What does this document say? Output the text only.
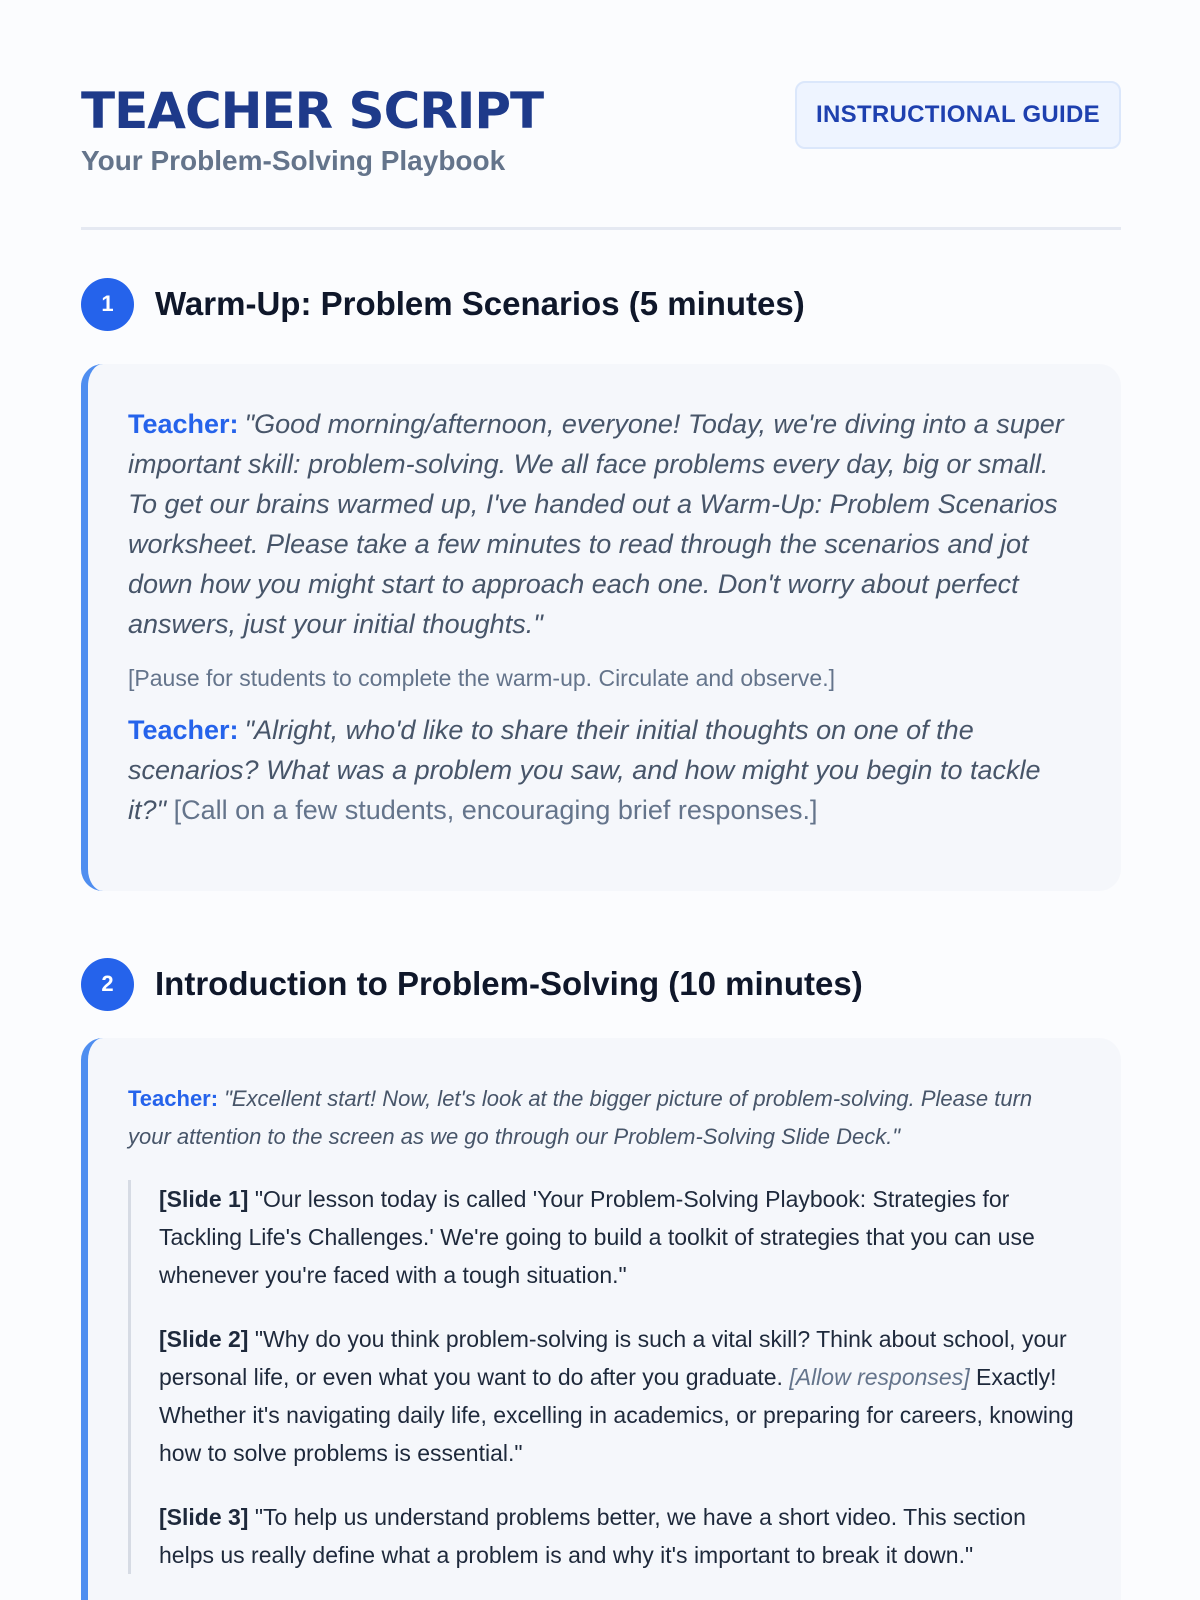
TEACHER SCRIPT
Your Problem-Solving Playbook
INSTRUCTIONAL GUIDE
1	Warm-Up: Problem Scenarios (5 minutes)

Teacher: "Good morning/afternoon, everyone! Today, we're diving into a super important skill: problem-solving. We all face problems every day, big or small. To get our brains warmed up, I've handed out a Warm-Up: Problem Scenarios worksheet. Please take a few minutes to read through the scenarios and jot down how you might start to approach each one. Don't worry about perfect answers, just your initial thoughts."

[Pause for students to complete the warm-up. Circulate and observe.]

Teacher: "Alright, who'd like to share their initial thoughts on one of the scenarios? What was a problem you saw, and how might you begin to tackle it?" [Call on a few students, encouraging brief responses.]

2	Introduction to Problem-Solving (10 minutes)

Teacher: "Excellent start! Now, let's look at the bigger picture of problem-solving. Please turn your attention to the screen as we go through our Problem-Solving Slide Deck."

[Slide 1] "Our lesson today is called 'Your Problem-Solving Playbook: Strategies for Tackling Life's Challenges.' We're going to build a toolkit of strategies that you can use whenever you're faced with a tough situation."

[Slide 2] "Why do you think problem-solving is such a vital skill? Think about school, your personal life, or even what you want to do after you graduate. [Allow responses] Exactly! Whether it's navigating daily life, excelling in academics, or preparing for careers, knowing how to solve problems is essential."

[Slide 3] "To help us understand problems better, we have a short video. This section helps us really define what a problem is and why it's important to break it down."
